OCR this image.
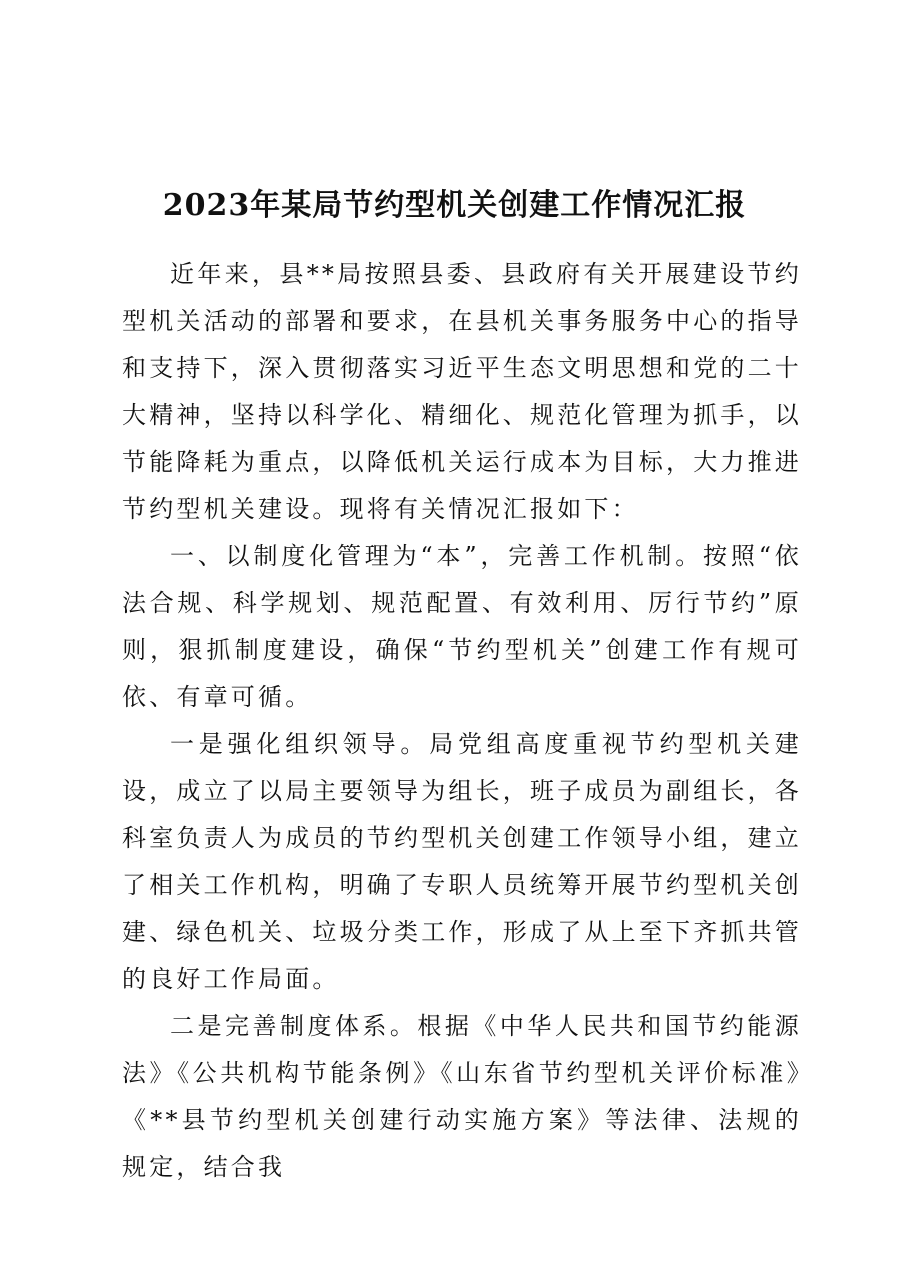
2023年某局节约型机关创建工作情况汇报

近年来，县**局按照县委、县政府有关开展建设节约型机关活动的部署和要求，在县机关事务服务中心的指导和支持下，深入贯彻落实习近平生态文明思想和党的二十大精神，坚持以科学化、精细化、规范化管理为抓手，以节能降耗为重点，以降低机关运行成本为目标，大力推进节约型机关建设。现将有关情况汇报如下：

一、以制度化管理为“本”，完善工作机制。按照“依法合规、科学规划、规范配置、有效利用、厉行节约”原则，狠抓制度建设，确保“节约型机关”创建工作有规可依、有章可循。

一是强化组织领导。局党组高度重视节约型机关建设，成立了以局主要领导为组长，班子成员为副组长，各科室负责人为成员的节约型机关创建工作领导小组，建立了相关工作机构，明确了专职人员统筹开展节约型机关创建、绿色机关、垃圾分类工作，形成了从上至下齐抓共管的良好工作局面。

二是完善制度体系。根据《中华人民共和国节约能源法》《公共机构节能条例》《山东省节约型机关评价标准》《**县节约型机关创建行动实施方案》等法律、法规的规定，结合我
